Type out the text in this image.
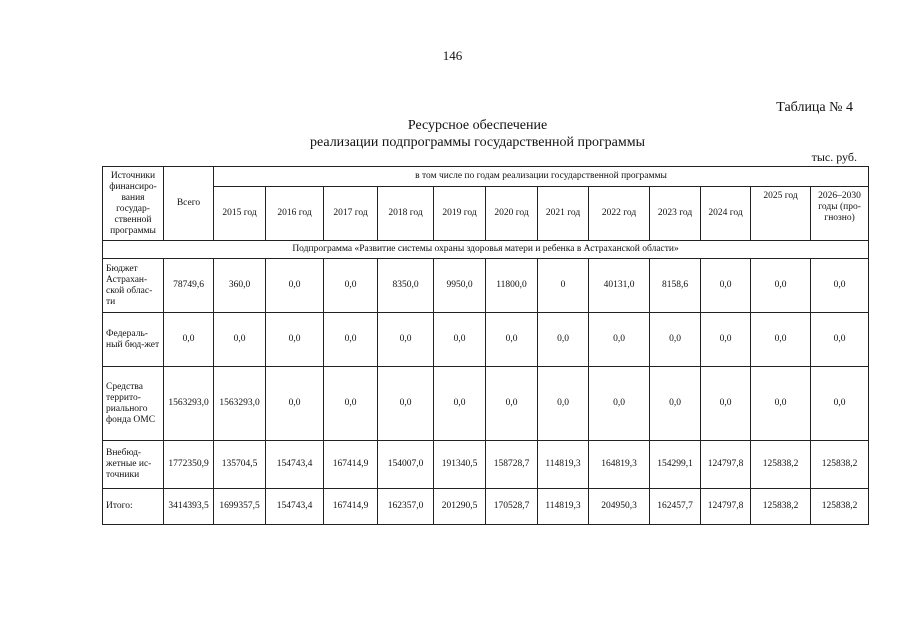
146
Таблица № 4
Ресурсное обеспечение
реализации подпрограммы государственной программы
тыс. руб.
Источники финансиро-вания государ-ственной программы	Всего	в том числе по годам реализации государственной программы											
		2015 год	2016 год	2017 год	2018 год	2019 год	2020 год	2021 год	2022 год	2023 год	2024 год	2025 год	2026–2030 годы (про-гнозно)
Подпрограмма «Развитие системы охраны здоровья матери и ребенка в Астраханской области»													
Бюджет Астрахан-ской облас-ти	78749,6	360,0	0,0	0,0	8350,0	9950,0	11800,0	0	40131,0	8158,6	0,0	0,0	0,0
Федераль-ный бюд-жет	0,0	0,0	0,0	0,0	0,0	0,0	0,0	0,0	0,0	0,0	0,0	0,0	0,0
Средства террито-риального фонда ОМС	1563293,0	1563293,0	0,0	0,0	0,0	0,0	0,0	0,0	0,0	0,0	0,0	0,0	0,0
Внебюд-жетные ис-точники	1772350,9	135704,5	154743,4	167414,9	154007,0	191340,5	158728,7	114819,3	164819,3	154299,1	124797,8	125838,2	125838,2
Итого:	3414393,5	1699357,5	154743,4	167414,9	162357,0	201290,5	170528,7	114819,3	204950,3	162457,7	124797,8	125838,2	125838,2
